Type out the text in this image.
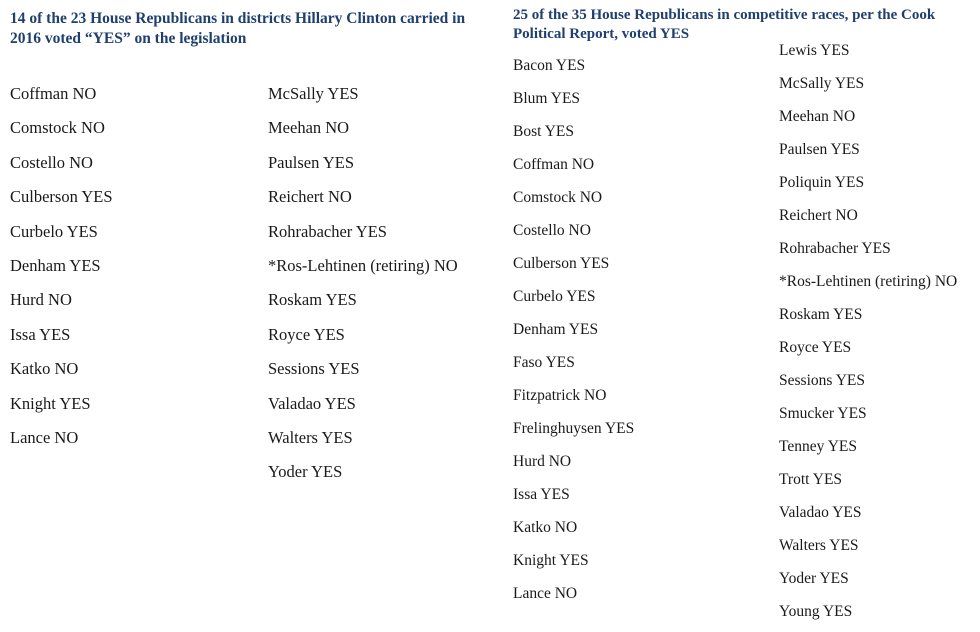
14 of the 23 House Republicans in districts Hillary Clinton carried in 2016 voted “YES” on the legislation
25 of the 35 House Republicans in competitive races, per the Cook Political Report, voted YES
Coffman NO
Comstock NO
Costello NO
Culberson YES
Curbelo YES
Denham YES
Hurd NO
Issa YES
Katko NO
Knight YES
Lance NO
McSally YES
Meehan NO
Paulsen YES
Reichert NO
Rohrabacher YES
*Ros-Lehtinen (retiring) NO
Roskam YES
Royce YES
Sessions YES
Valadao YES
Walters YES
Yoder YES
Bacon YES
Blum YES
Bost YES
Coffman NO
Comstock NO
Costello NO
Culberson YES
Curbelo YES
Denham YES
Faso YES
Fitzpatrick NO
Frelinghuysen YES
Hurd NO
Issa YES
Katko NO
Knight YES
Lance NO
Lewis YES
McSally YES
Meehan NO
Paulsen YES
Poliquin YES
Reichert NO
Rohrabacher YES
*Ros-Lehtinen (retiring) NO
Roskam YES
Royce YES
Sessions YES
Smucker YES
Tenney YES
Trott YES
Valadao YES
Walters YES
Yoder YES
Young YES
